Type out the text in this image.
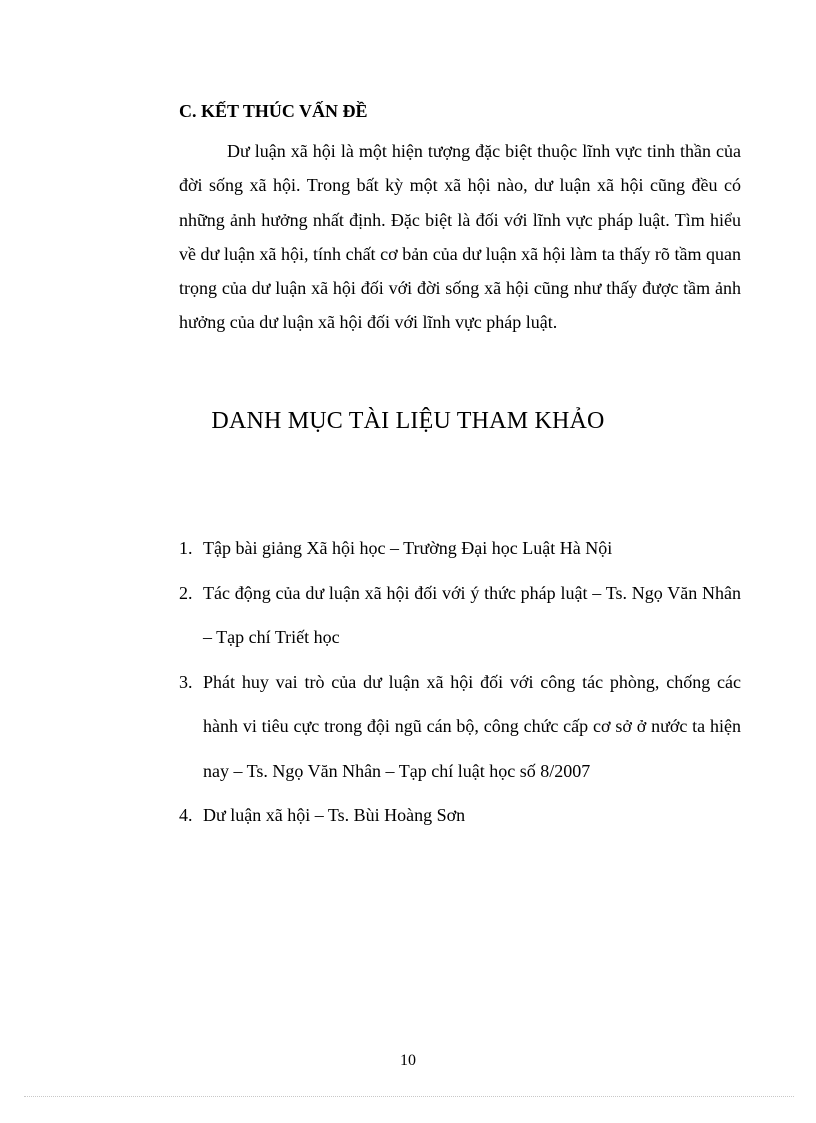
C. KẾT THÚC VẤN ĐỀ

Dư luận xã hội là một hiện tượng đặc biệt thuộc lĩnh vực tinh thần của đời sống xã hội. Trong bất kỳ một xã hội nào, dư luận xã hội cũng đều có những ảnh hưởng nhất định. Đặc biệt là đối với lĩnh vực pháp luật. Tìm hiểu về dư luận xã hội, tính chất cơ bản của dư luận xã hội làm ta thấy rõ tầm quan trọng của dư luận xã hội đối với đời sống xã hội cũng như thấy được tầm ảnh hưởng của dư luận xã hội đối với lĩnh vực pháp luật.

DANH MỤC TÀI LIỆU THAM KHẢO
1. Tập bài giảng Xã hội học – Trường Đại học Luật Hà Nội
2. Tác động của dư luận xã hội đối với ý thức pháp luật – Ts. Ngọ Văn Nhân – Tạp chí Triết học
3. Phát huy vai trò của dư luận xã hội đối với công tác phòng, chống các hành vi tiêu cực trong đội ngũ cán bộ, công chức cấp cơ sở ở nước ta hiện nay – Ts. Ngọ Văn Nhân – Tạp chí luật học số 8/2007
4. Dư luận xã hội – Ts. Bùi Hoàng Sơn
10
